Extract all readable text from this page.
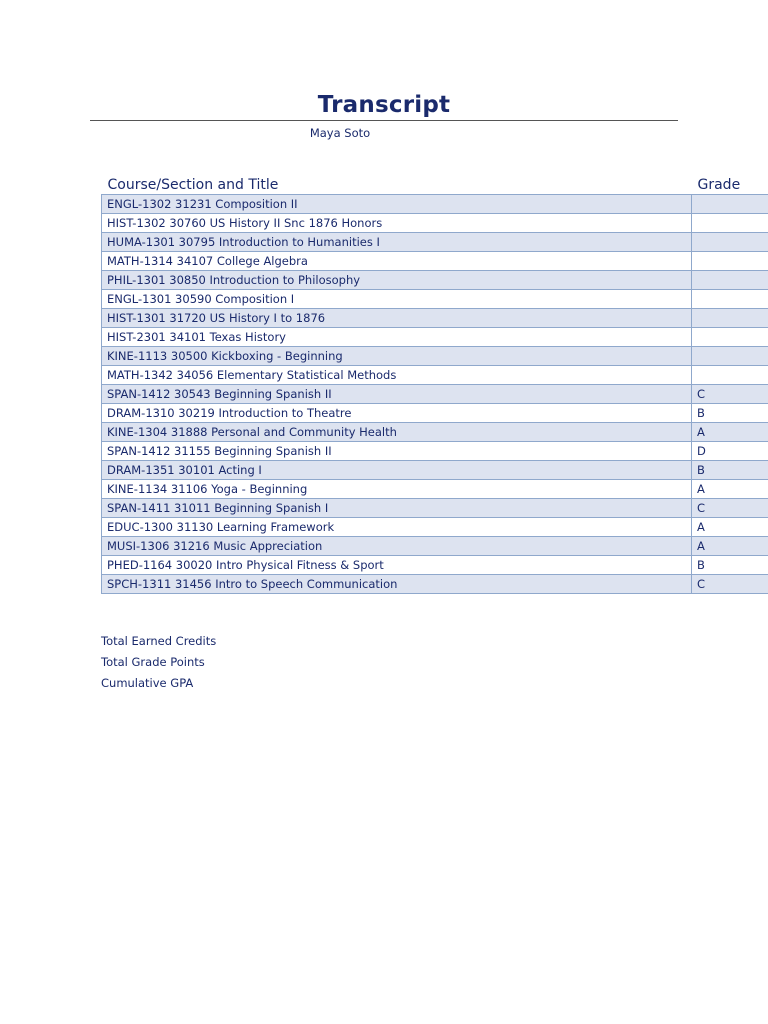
Transcript
Maya Soto
Course/Section and Title	Grade
ENGL-1302 31231 Composition II	
HIST-1302 30760 US History II Snc 1876 Honors	
HUMA-1301 30795 Introduction to Humanities I	
MATH-1314 34107 College Algebra	
PHIL-1301 30850 Introduction to Philosophy	
ENGL-1301 30590 Composition I	
HIST-1301 31720 US History I to 1876	
HIST-2301 34101 Texas History	
KINE-1113 30500 Kickboxing - Beginning	
MATH-1342 34056 Elementary Statistical Methods	
SPAN-1412 30543 Beginning Spanish II	C
DRAM-1310 30219 Introduction to Theatre	B
KINE-1304 31888 Personal and Community Health	A
SPAN-1412 31155 Beginning Spanish II	D
DRAM-1351 30101 Acting I	B
KINE-1134 31106 Yoga - Beginning	A
SPAN-1411 31011 Beginning Spanish I	C
EDUC-1300 31130 Learning Framework	A
MUSI-1306 31216 Music Appreciation	A
PHED-1164 30020 Intro Physical Fitness & Sport	B
SPCH-1311 31456 Intro to Speech Communication	C
Total Earned Credits
Total Grade Points
Cumulative GPA
